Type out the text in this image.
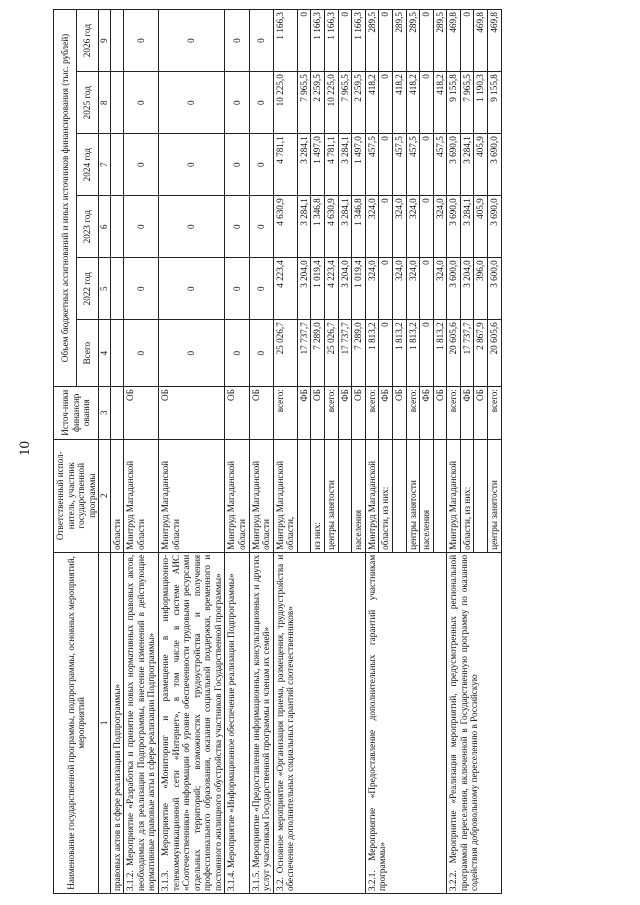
10
Наименование государственной программы, подпрограммы, основных мероприятий, мероприятий	Ответственный испол-нитель, участник государственной программы	Источ-ники финансир ования	Объем бюджетных ассигнований и иных источников финансирования (тыс. рублей)					
			Всего	2022 год	2023 год	2024 год	2025 год	2026 год
1	2	3	4	5	6	7	8	9
правовых актов в сфере реализации Подпрограммы»	области							
3.1.2. Мероприятие «Разработка и принятие новых нормативных правовых актов, необходимых для реализации Подпрограммы, внесение изменений в действующие нормативные правовые акты в сфере реализации Подпрограммы»	Минтруд Магаданской области	ОБ	0	0	0	0	0	0
3.1.3. Мероприятие «Мониторинг и размещение в информационно-телекоммуникационной сети «Интернет», в том числе в системе АИС «Соотечественники» информации об уровне обеспеченности трудовыми ресурсами отдельных территорий; возможностях трудоустройства и получения профессионального образования, оказания социальной поддержки, временного и постоянного жилищного обустройства участников Государственной программы»	Минтруд Магаданской области	ОБ	0	0	0	0	0	0
3.1.4. Мероприятие «Информационное обеспечение реализации Подпрограммы»	Минтруд Магаданской области	ОБ	0	0	0	0	0	0
3.1.5. Мероприятие «Предоставление информационных, консультационных и других услуг участникам Государственной программы и членам их семей»	Минтруд Магаданской области	ОБ	0	0	0	0	0	0
3.2. Основное мероприятие «Организация приема, размещения, трудоустройства и обеспечение дополнительных социальных гарантий соотечественников»	Минтруд Магаданской области,	всего:	25 026,7	4 223,4	4 630,9	4 781,1	10 225,0	1 166,3
		ФБ	17 737,7	3 204,0	3 284,1	3 284,1	7 965,5	0
	из них:	ОБ	7 289,0	1 019,4	1 346,8	1 497,0	2 259,5	1 166,3
	центры занятости	всего:	25 026,7	4 223,4	4 630,9	4 781,1	10 225,0	1 166,3
		ФБ	17 737,7	3 204,0	3 284,1	3 284,1	7 965,5	0
	населения	ОБ	7 289,0	1 019,4	1 346,8	1 497,0	2 259,5	1 166,3
3.2.1. Мероприятие «Предоставление дополнительных гарантий участникам программы»	Минтруд Магаданской	всего:	1 813,2	324,0	324,0	457,5	418,2	289,5
	области, из них:	ФБ	0	0	0	0	0	0
		ОБ	1 813,2	324,0	324,0	457,5	418,2	289,5
	центры занятости	всего:	1 813,2	324,0	324,0	457,5	418,2	289,5
	населения	ФБ	0	0	0	0	0	0
		ОБ	1 813,2	324,0	324,0	457,5	418,2	289,5
3.2.2. Мероприятие «Реализация мероприятий, предусмотренных региональной программой переселения, включенной в Государственную программу по оказанию содействия добровольному переселению в Российскую	Минтруд Магаданской	всего:	20 605,6	3 600,0	3 690,0	3 690,0	9 155,8	469,8
	области, из них:	ФБ	17 737,7	3 204,0	3 284,1	3 284,1	7 965,5	0
		ОБ	2 867,9	396,0	405,9	405,9	1 190,3	469,8
	центры занятости	всего:	20 605,6	3 600,0	3 690,0	3 690,0	9 155,8	469,8
